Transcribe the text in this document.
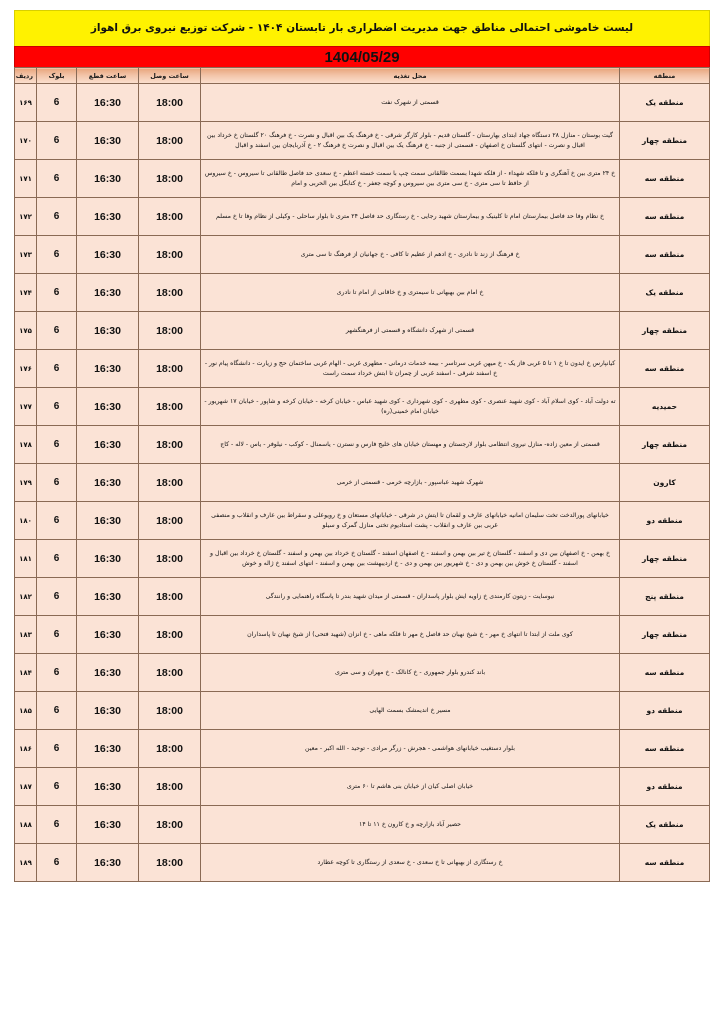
لیست خاموشی احتمالی مناطق جهت مدیریت اضطراری بار تابستان ۱۴۰۴ - شرکت توزیع نیروی برق اهواز
1404/05/29
منطقه	محل تغذیه	ساعت وصل	ساعت قطع	بلوک	ردیف
منطقه یک	قسمتی از شهرک نفت	18:00	16:30	6	۱۶۹
منطقه چهار	گیت بوستان - منازل ۲۸ دستگاه جهاد ابتدای بهارستان - گلستان قدیم - بلوار کارگر شرقی - خ فرهنگ یک بین اقبال و نصرت - خ فرهنگ ۲۰ گلستان خ خرداد بین اقبال و نصرت - انتهای گلستان خ اصفهان - قسمتی از جنبه - خ فرهنگ یک بین اقبال و نصرت خ فرهنگ ۲ - خ آذربایجان بین اسفند و اقبال	18:00	16:30	6	۱۷۰
منطقه سه	خ ۲۴ متری بین خ آهنگری و تا فلکه شهداء - از فلکه شهدا بسمت طالقانی سمت چپ با سمت خسته اعظم - خ سعدی حد فاصل طالقانی تا سیروس - خ سیروس از حافظ تا سی متری - خ سی متری بین سیروس و کوچه جعفر - خ کتابگل بین الحربی و امام	18:00	16:30	6	۱۷۱
منطقه سه	خ نظام وفا حد فاصل بیمارستان امام تا کلینیک و بیمارستان شهید رجایی - خ رستگاری حد فاصل ۲۴ متری تا بلوار ساحلی - وکیلی از نظام وفا تا خ مسلم	18:00	16:30	6	۱۷۲
منطقه سه	خ فرهنگ از زند تا نادری - خ ادهم از عظیم تا کافی - خ جهانیان از فرهنگ تا سی متری	18:00	16:30	6	۱۷۳
منطقه یک	خ امام بین بهبهانی تا سیمتری و خ خاقانی از امام تا نادری	18:00	16:30	6	۱۷۴
منطقه چهار	قسمتی از شهرک دانشگاه و قسمتی از فرهنگشهر	18:00	16:30	6	۱۷۵
منطقه سه	کیانپارس خ ایدون تا خ ۱ تا ۵ غربی فاز یک - خ میهن غربی سرتاسر - بیمه خدمات درمانی - مطهری غربی - الهام غربی ساختمان حج و زیارت - دانشگاه پیام نور - خ اسفند شرقی - اسفند غربی از چمران تا ابتش خرداد سمت راست	18:00	16:30	6	۱۷۶
حمیدیه	ته دولت آباد - کوی اسلام آباد - کوی شهید عنصری - کوی مطهری - کوی شهرداری - کوی شهید عباس - خیابان کرخه - خیابان کرخه و شاپور - خیابان ۱۷ شهریور - خیابان امام خمینی(ره)	18:00	16:30	6	۱۷۷
منطقه چهار	قسمتی از معین زاده- منازل نیروی انتظامی بلوار لارجستان و مهستان خیابان های خلیج فارس و نسترن - یاسمنال - کوکب - نیلوفر - یاس - لاله - کاج	18:00	16:30	6	۱۷۸
کارون	شهرک شهید عباسپور - بازارچه خرمی - قسمتی از خرمی	18:00	16:30	6	۱۷۹
منطقه دو	خیابانهای پورالدخت تخت سلیمان امانیه خیابانهای عارف و لقمان تا ایتش در شرقی - خیابانهای مستعان و خ رویوعلی و سقراط بین عارف و انقلاب و منصفی غربی بین عارف و انقلاب - پشت استادیوم تختی منازل گمرک و سیلو	18:00	16:30	6	۱۸۰
منطقه چهار	خ بهمن - خ اصفهان بین دی و اسفند - گلستان خ تیر بین بهمن و اسفند - خ اصفهان اسفند - گلستان خ خرداد بین بهمن و اسفند - گلستان خ خرداد بین اقبال و اسفند - گلستان خ خوش بین بهمن و دی - خ شهریور بین بهمن و دی - خ اردیبهشت بین بهمن و اسفند - انتهای اسفند خ ژاله و خوش	18:00	16:30	6	۱۸۱
منطقه پنج	نیوسایت - زیتون کارمندی خ زاویه ایش بلوار پاسداران - قسمتی از میدان شهید بندر تا پاسگاه راهنمایی و رانندگی	18:00	16:30	6	۱۸۲
منطقه چهار	کوی ملت از ابتدا تا انتهای خ مهر - خ شیخ نهبان حد فاصل خ مهر تا فلکه ماهی - خ انزان (شهید فتحی) از شیخ نهبان تا پاسداران	18:00	16:30	6	۱۸۳
منطقه سه	باند کندرو بلوار جمهوری - خ کانالک - خ مهران و سی متری	18:00	16:30	6	۱۸۴
منطقه دو	مسیر خ اندیمشک بسمت الهایی	18:00	16:30	6	۱۸۵
منطقه سه	بلوار دستغیب خیابانهای هواشمی - هجرش - زرگر مرادی - توحید - الله اکبر - معین	18:00	16:30	6	۱۸۶
منطقه دو	خیابان اصلی کیان از خیابان بنی هاشم تا ۶۰ متری	18:00	16:30	6	۱۸۷
منطقه یک	حصیر آباد بازارچه و خ کارون خ ۱۱ تا ۱۴	18:00	16:30	6	۱۸۸
منطقه سه	خ رستگاری از بهبهانی تا خ سعدی - خ سعدی از رستگاری تا کوچه عطارد	18:00	16:30	6	۱۸۹
